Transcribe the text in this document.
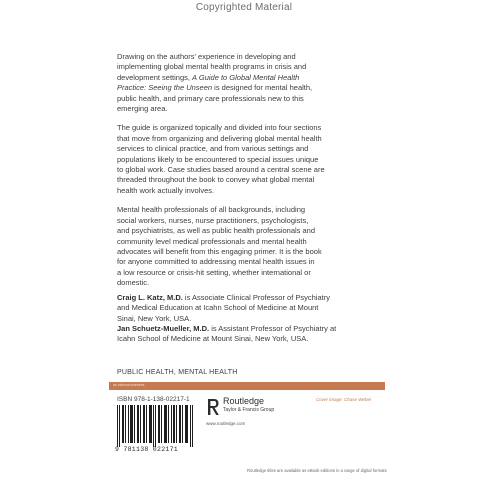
Copyrighted Material

Drawing on the authors' experience in developing and
implementing global mental health programs in crisis and
development settings, A Guide to Global Mental Health
Practice: Seeing the Unseen is designed for mental health,
public health, and primary care professionals new to this
emerging area.

The guide is organized topically and divided into four sections
that move from organizing and delivering global mental health
services to clinical practice, and from various settings and
populations likely to be encountered to special issues unique
to global work. Case studies based around a central scene are
threaded throughout the book to convey what global mental
health work actually involves.

Mental health professionals of all backgrounds, including
social workers, nurses, nurse practitioners, psychologists,
and psychiatrists, as well as public health professionals and
community level medical professionals and mental health
advocates will benefit from this engaging primer. It is the book
for anyone committed to addressing mental health issues in
a low resource or crisis-hit setting, whether international or
domestic.

Craig L. Katz, M.D. is Associate Clinical Professor of Psychiatry
and Medical Education at Icahn School of Medicine at Mount
Sinai, New York, USA.
Jan Schuetz-Mueller, M.D. is Assistant Professor of Psychiatry at
Icahn School of Medicine at Mount Sinai, New York, USA.
PUBLIC HEALTH, MENTAL HEALTH
an informa business
ISBN 978-1-138-02217-1
9 781138 022171
Routledge
Taylor & Francis Group
www.routledge.com
Cover image: Chase Weber
Routledge titles are available as eBook editions in a range of digital formats
